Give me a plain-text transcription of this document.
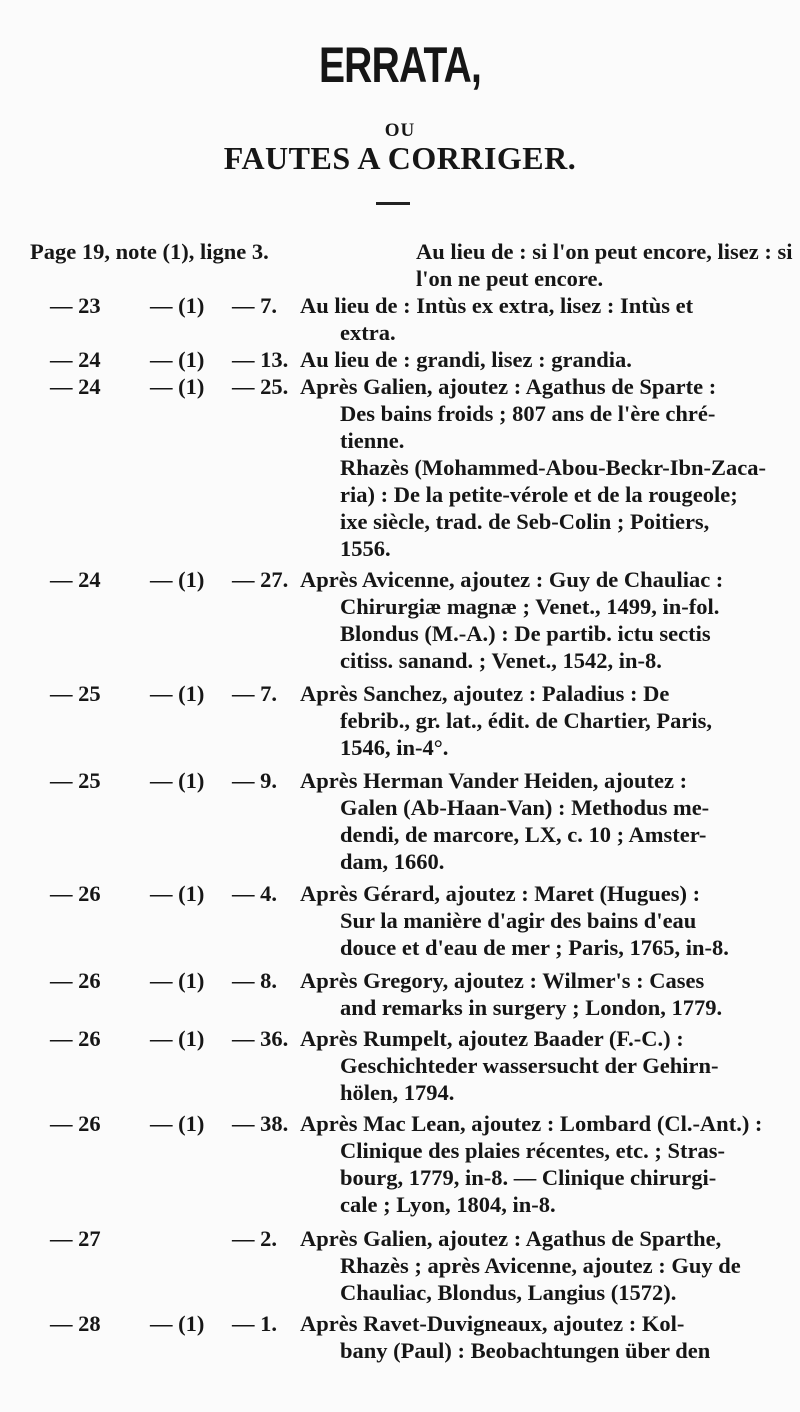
ERRATA,
OU
FAUTES A CORRIGER.
Page 19, note (1), ligne 3.	Au lieu de : si l'on peut encore, lisez : si
l'on ne peut encore.
— 23 — (1) — 7. Au lieu de : Intùs ex extra, lisez : Intùs et
extra.
— 24 — (1) — 13. Au lieu de : grandi, lisez : grandia.
— 24 — (1) — 25. Après Galien, ajoutez : Agathus de Sparte :
Des bains froids ; 807 ans de l'ère chré-
tienne.
Rhazès (Mohammed-Abou-Beckr-Ibn-Zaca-
ria) : De la petite-vérole et de la rougeole;
ixe siècle, trad. de Seb-Colin ; Poitiers,
1556.
— 24 — (1) — 27. Après Avicenne, ajoutez : Guy de Chauliac :
Chirurgiæ magnæ ; Venet., 1499, in-fol.
Blondus (M.-A.) : De partib. ictu sectis
citiss. sanand. ; Venet., 1542, in-8.
— 25 — (1) — 7. Après Sanchez, ajoutez : Paladius : De
febrib., gr. lat., édit. de Chartier, Paris,
1546, in-4°.
— 25 — (1) — 9. Après Herman Vander Heiden, ajoutez :
Galen (Ab-Haan-Van) : Methodus me-
dendi, de marcore, LX, c. 10 ; Amster-
dam, 1660.
— 26 — (1) — 4. Après Gérard, ajoutez : Maret (Hugues) :
Sur la manière d'agir des bains d'eau
douce et d'eau de mer ; Paris, 1765, in-8.
— 26 — (1) — 8. Après Gregory, ajoutez : Wilmer's : Cases
and remarks in surgery ; London, 1779.
— 26 — (1) — 36. Après Rumpelt, ajoutez Baader (F.-C.) :
Geschichteder wassersucht der Gehirn-
hölen, 1794.
— 26 — (1) — 38. Après Mac Lean, ajoutez : Lombard (Cl.-Ant.) :
Clinique des plaies récentes, etc. ; Stras-
bourg, 1779, in-8. — Clinique chirurgi-
cale ; Lyon, 1804, in-8.
— 27	— 2. Après Galien, ajoutez : Agathus de Sparthe,
Rhazès ; après Avicenne, ajoutez : Guy de
Chauliac, Blondus, Langius (1572).
— 28 — (1) — 1. Après Ravet-Duvigneaux, ajoutez : Kol-
bany (Paul) : Beobachtungen über den
